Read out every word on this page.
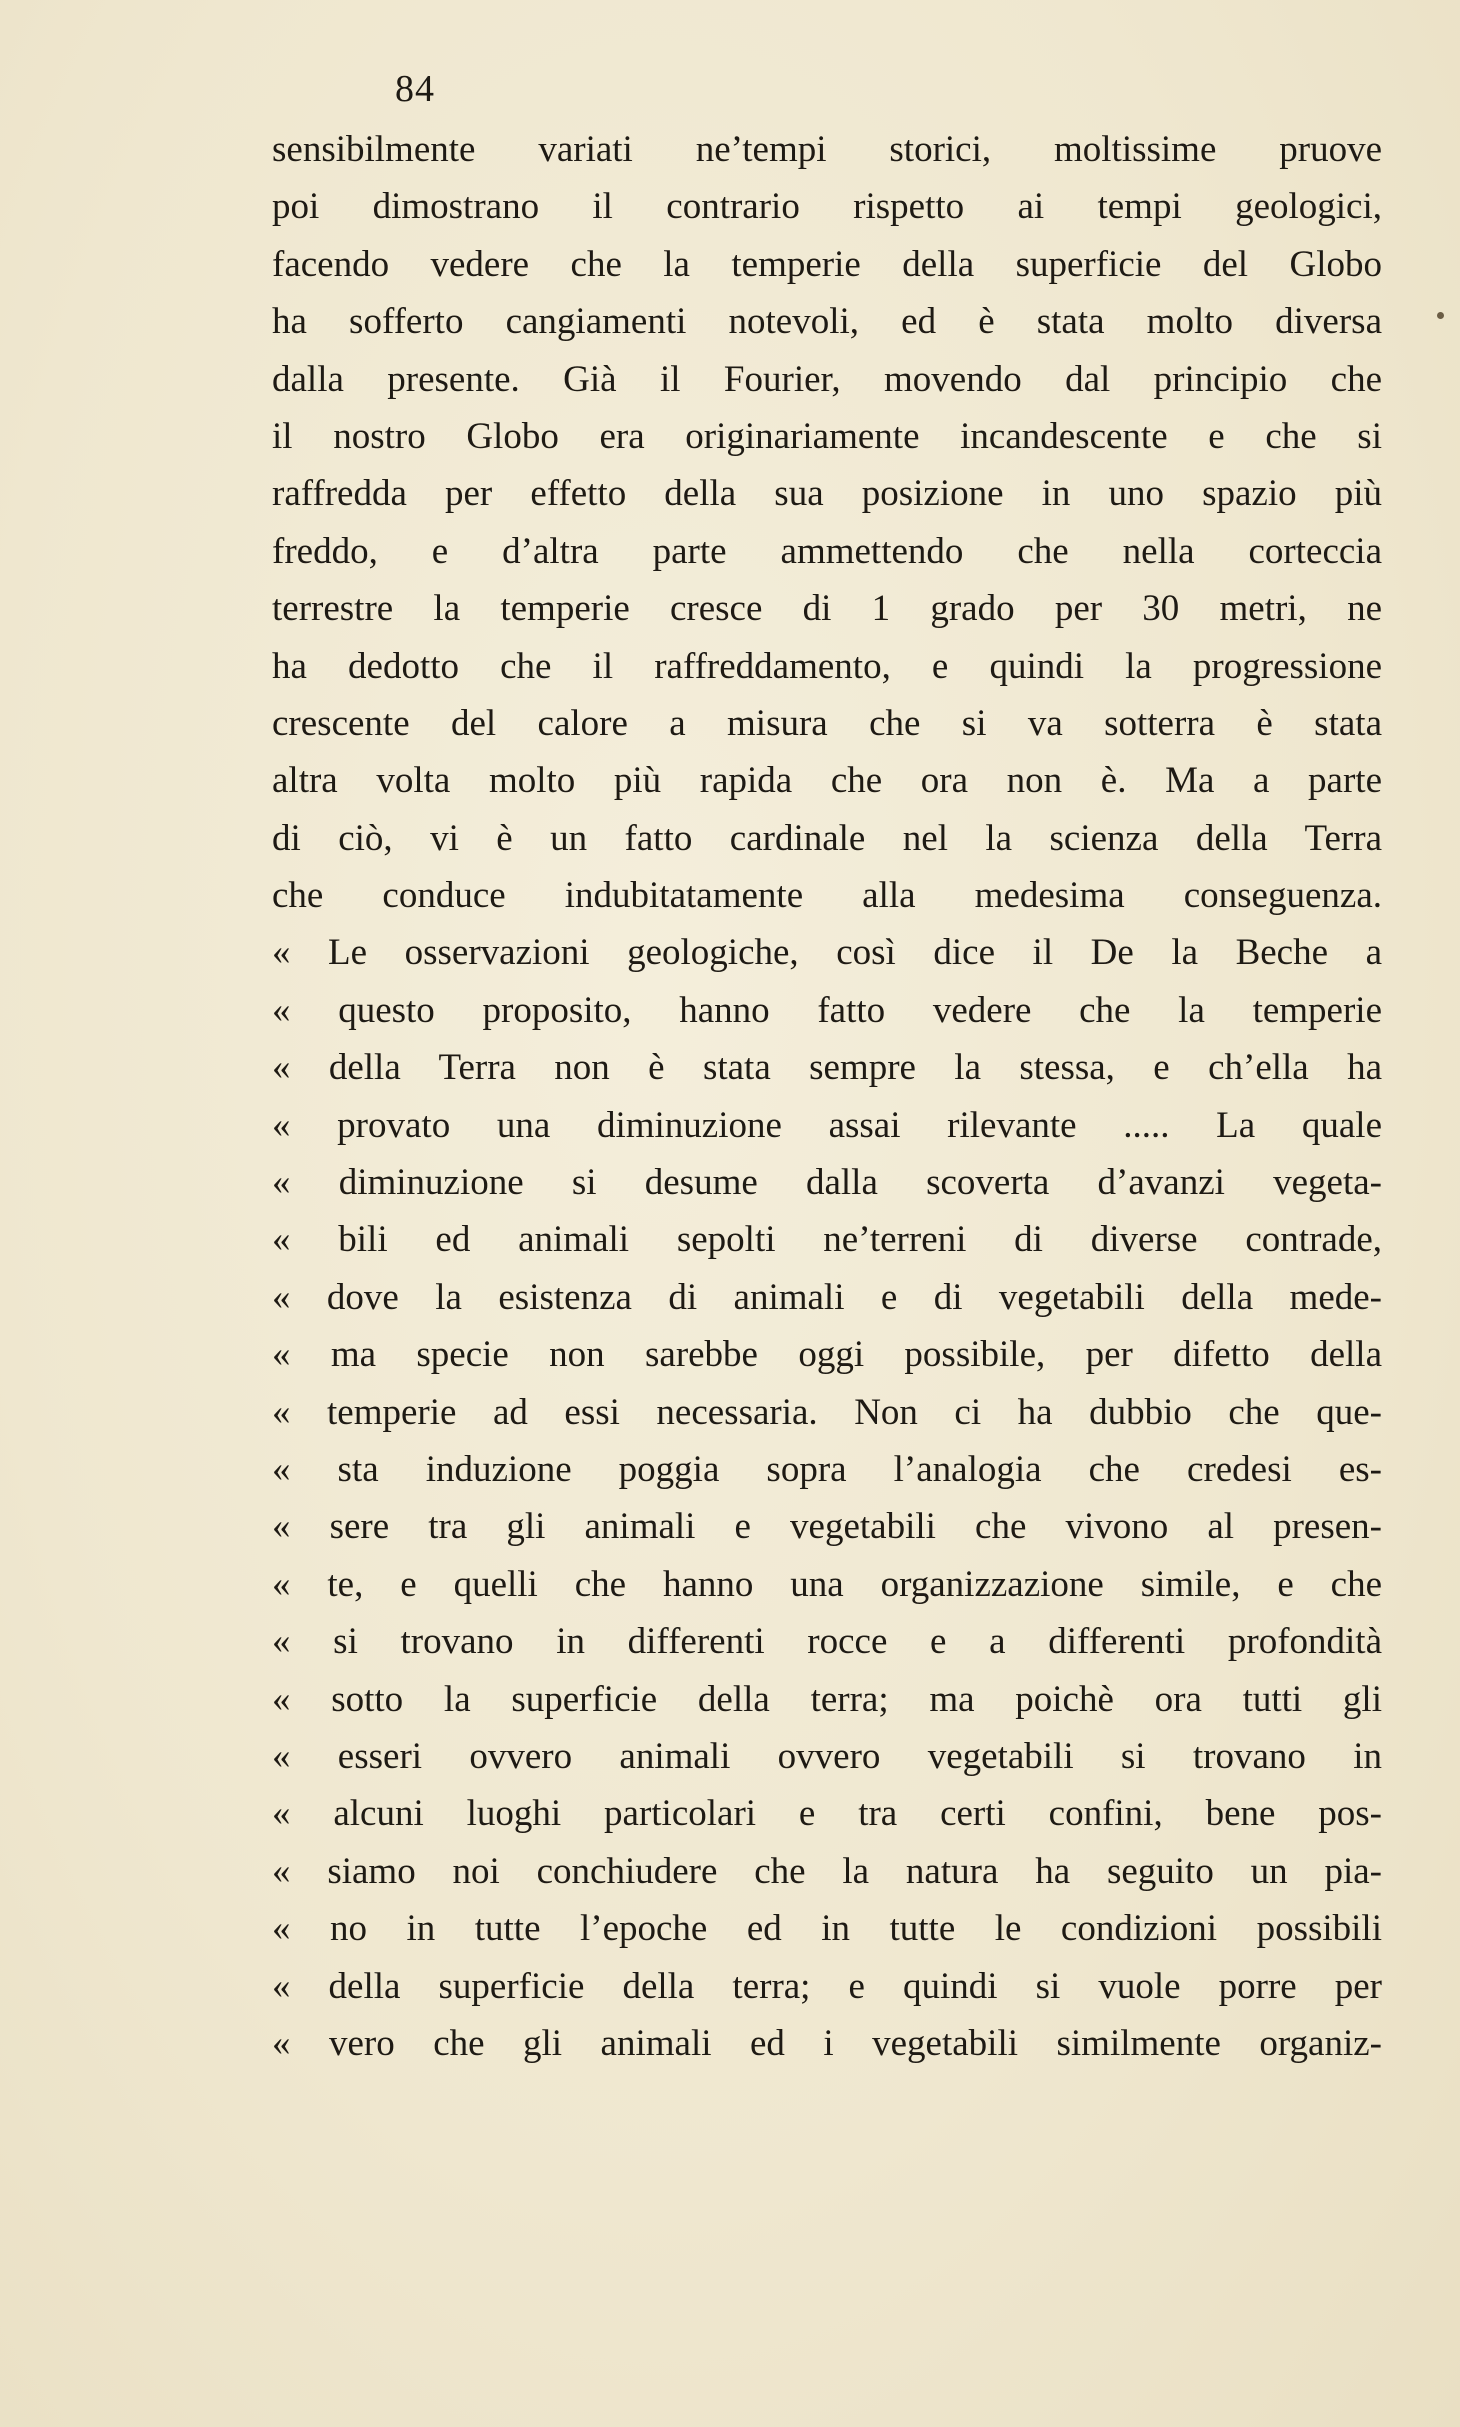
84
sensibilmente variati ne’tempi storici, moltissime pruove
poi dimostrano il contrario rispetto ai tempi geologici,
facendo vedere che la temperie della superficie del Globo
ha sofferto cangiamenti notevoli, ed è stata molto diversa
dalla presente. Già il Fourier, movendo dal principio che
il nostro Globo era originariamente incandescente e che si
raffredda per effetto della sua posizione in uno spazio più
freddo, e d’altra parte ammettendo che nella corteccia
terrestre la temperie cresce di 1 grado per 30 metri, ne
ha dedotto che il raffreddamento, e quindi la progressione
crescente del calore a misura che si va sotterra è stata
altra volta molto più rapida che ora non è. Ma a parte
di ciò, vi è un fatto cardinale nel la scienza della Terra
che conduce indubitatamente alla medesima conseguenza.
« Le osservazioni geologiche, così dice il De la Beche a
« questo proposito, hanno fatto vedere che la temperie
« della Terra non è stata sempre la stessa, e ch’ella ha
« provato una diminuzione assai rilevante ..... La quale
« diminuzione si desume dalla scoverta d’avanzi vegeta-
« bili ed animali sepolti ne’terreni di diverse contrade,
« dove la esistenza di animali e di vegetabili della mede-
« ma specie non sarebbe oggi possibile, per difetto della
« temperie ad essi necessaria. Non ci ha dubbio che que-
« sta induzione poggia sopra l’analogia che credesi es-
« sere tra gli animali e vegetabili che vivono al presen-
« te, e quelli che hanno una organizzazione simile, e che
« si trovano in differenti rocce e a differenti profondità
« sotto la superficie della terra; ma poichè ora tutti gli
« esseri ovvero animali ovvero vegetabili si trovano in
« alcuni luoghi particolari e tra certi confini, bene pos-
« siamo noi conchiudere che la natura ha seguito un pia-
« no in tutte l’epoche ed in tutte le condizioni possibili
« della superficie della terra; e quindi si vuole porre per
« vero che gli animali ed i vegetabili similmente organiz-
